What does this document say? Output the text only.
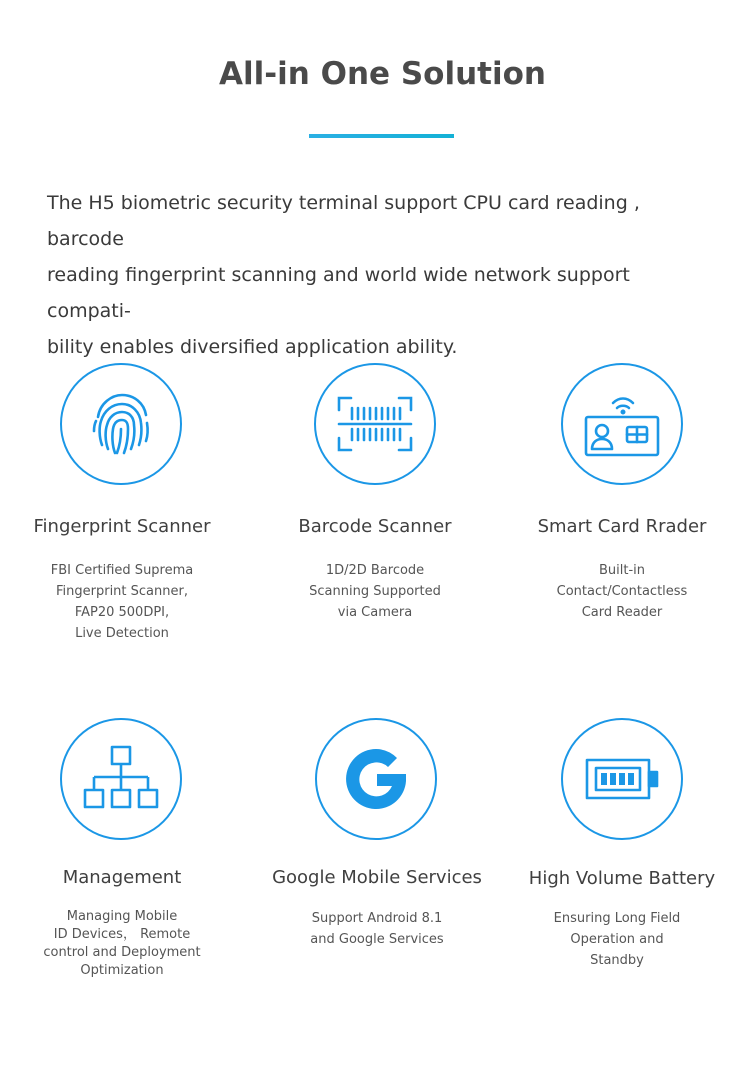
All-in One Solution
The H5 biometric security terminal support CPU card reading , barcode
reading fingerprint scanning and world wide network support compati-
bility enables diversified application ability.
Fingerprint Scanner
FBI Certified Suprema
Fingerprint Scanner,
FAP20 500DPI,
Live Detection
Barcode Scanner
1D/2D Barcode
Scanning Supported
via Camera
Smart Card Rrader
Built-in
Contact/Contactless
Card Reader
Management
Managing Mobile
ID Devices， Remote
control and Deployment
Optimization
Google Mobile Services
Support Android 8.1
and Google Services
High Volume Battery
Ensuring Long Field
Operation and
Standby
